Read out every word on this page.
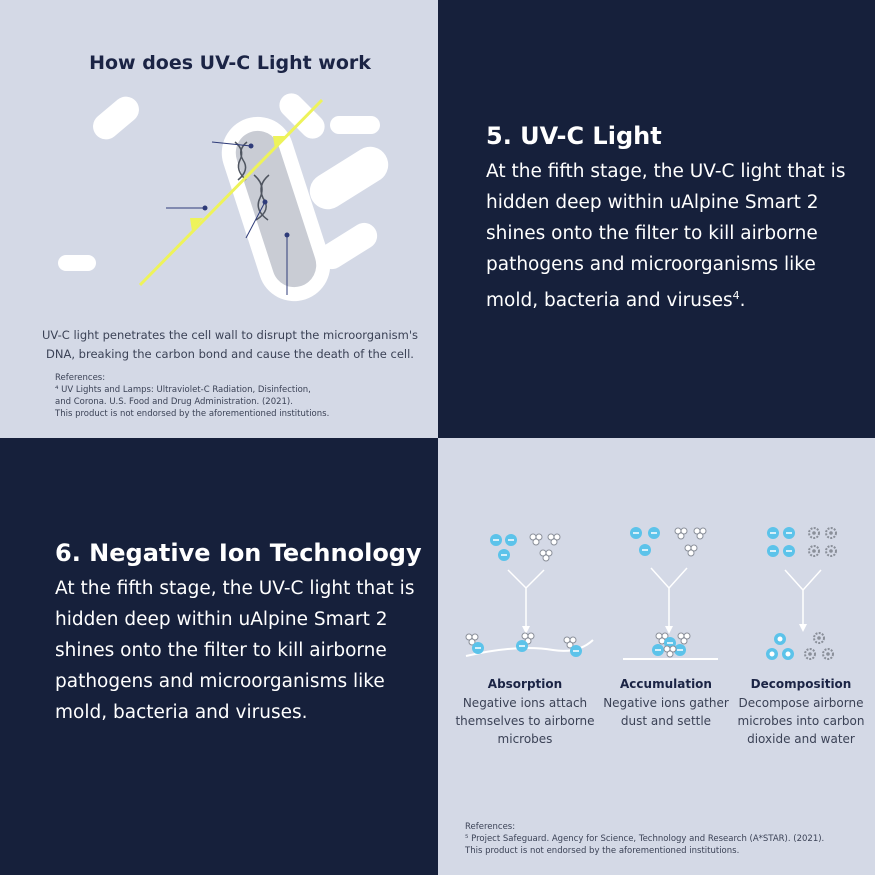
How does UV-C Light work
UV-C light penetrates the cell wall to disrupt the microorganism's DNA, breaking the carbon bond and cause the death of the cell.
References:
⁴ UV Lights and Lamps: Ultraviolet-C Radiation, Disinfection,
and Corona. U.S. Food and Drug Administration. (2021).
This product is not endorsed by the aforementioned institutions.
5. UV-C Light
At the fifth stage, the UV-C light that is hidden deep within uAlpine Smart 2 shines onto the filter to kill airborne pathogens and microorganisms like mold, bacteria and viruses$^4$.
6. Negative Ion Technology
At the fifth stage, the UV-C light that is hidden deep within uAlpine Smart 2 shines onto the filter to kill airborne pathogens and microorganisms like mold, bacteria and viruses.
Absorption
Negative ions attach themselves to airborne microbes
Accumulation
Negative ions gather dust and settle
Decomposition
Decompose airborne microbes into carbon dioxide and water
References:
⁵ Project Safeguard. Agency for Science, Technology and Research (A*STAR). (2021).
This product is not endorsed by the aforementioned institutions.
